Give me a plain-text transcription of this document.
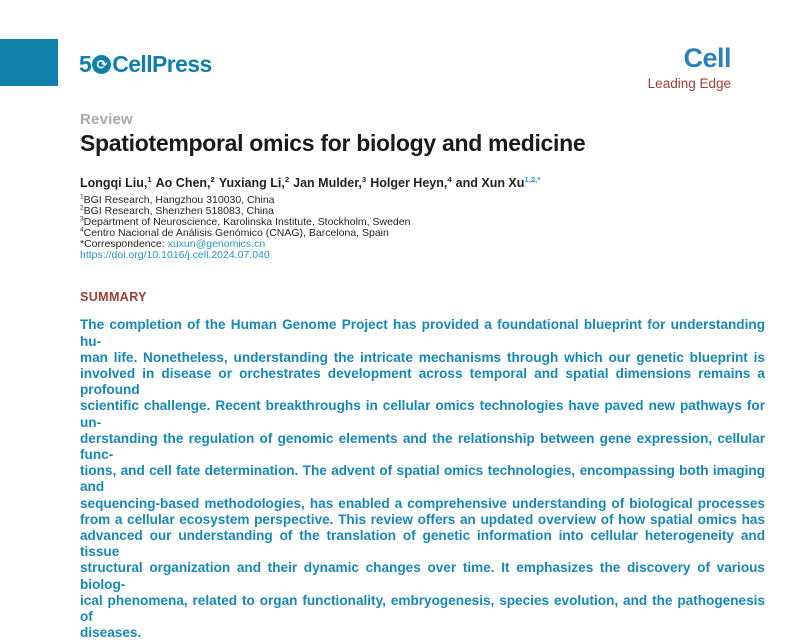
5 ⟳ CellPress	Cell
Leading Edge
Review
Spatiotemporal omics for biology and medicine
Longqi Liu,$^1$ Ao Chen,$^2$ Yuxiang Li,$^2$ Jan Mulder,$^3$ Holger Heyn,$^4$ and Xun $Xu^{1,2,*}$
$^1$BGI Research, Hangzhou 310030, China
$^2$BGI Research, Shenzhen 518083, China
$^3$Department of Neuroscience, Karolinska Institute, Stockholm, Sweden
$^4$Centro Nacional de Análisis Genómico (CNAG), Barcelona, Spain
*Correspondence: xuxun@genomics.cn
https://doi.org/10.1016/j.cell.2024.07.040
SUMMARY
The completion of the Human Genome Project has provided a foundational blueprint for understanding hu-
man life. Nonetheless, understanding the intricate mechanisms through which our genetic blueprint is
involved in disease or orchestrates development across temporal and spatial dimensions remains a profound
scientific challenge. Recent breakthroughs in cellular omics technologies have paved new pathways for un-
derstanding the regulation of genomic elements and the relationship between gene expression, cellular func-
tions, and cell fate determination. The advent of spatial omics technologies, encompassing both imaging and
sequencing-based methodologies, has enabled a comprehensive understanding of biological processes
from a cellular ecosystem perspective. This review offers an updated overview of how spatial omics has
advanced our understanding of the translation of genetic information into cellular heterogeneity and tissue
structural organization and their dynamic changes over time. It emphasizes the discovery of various biolog-
ical phenomena, related to organ functionality, embryogenesis, species evolution, and the pathogenesis of
diseases.
